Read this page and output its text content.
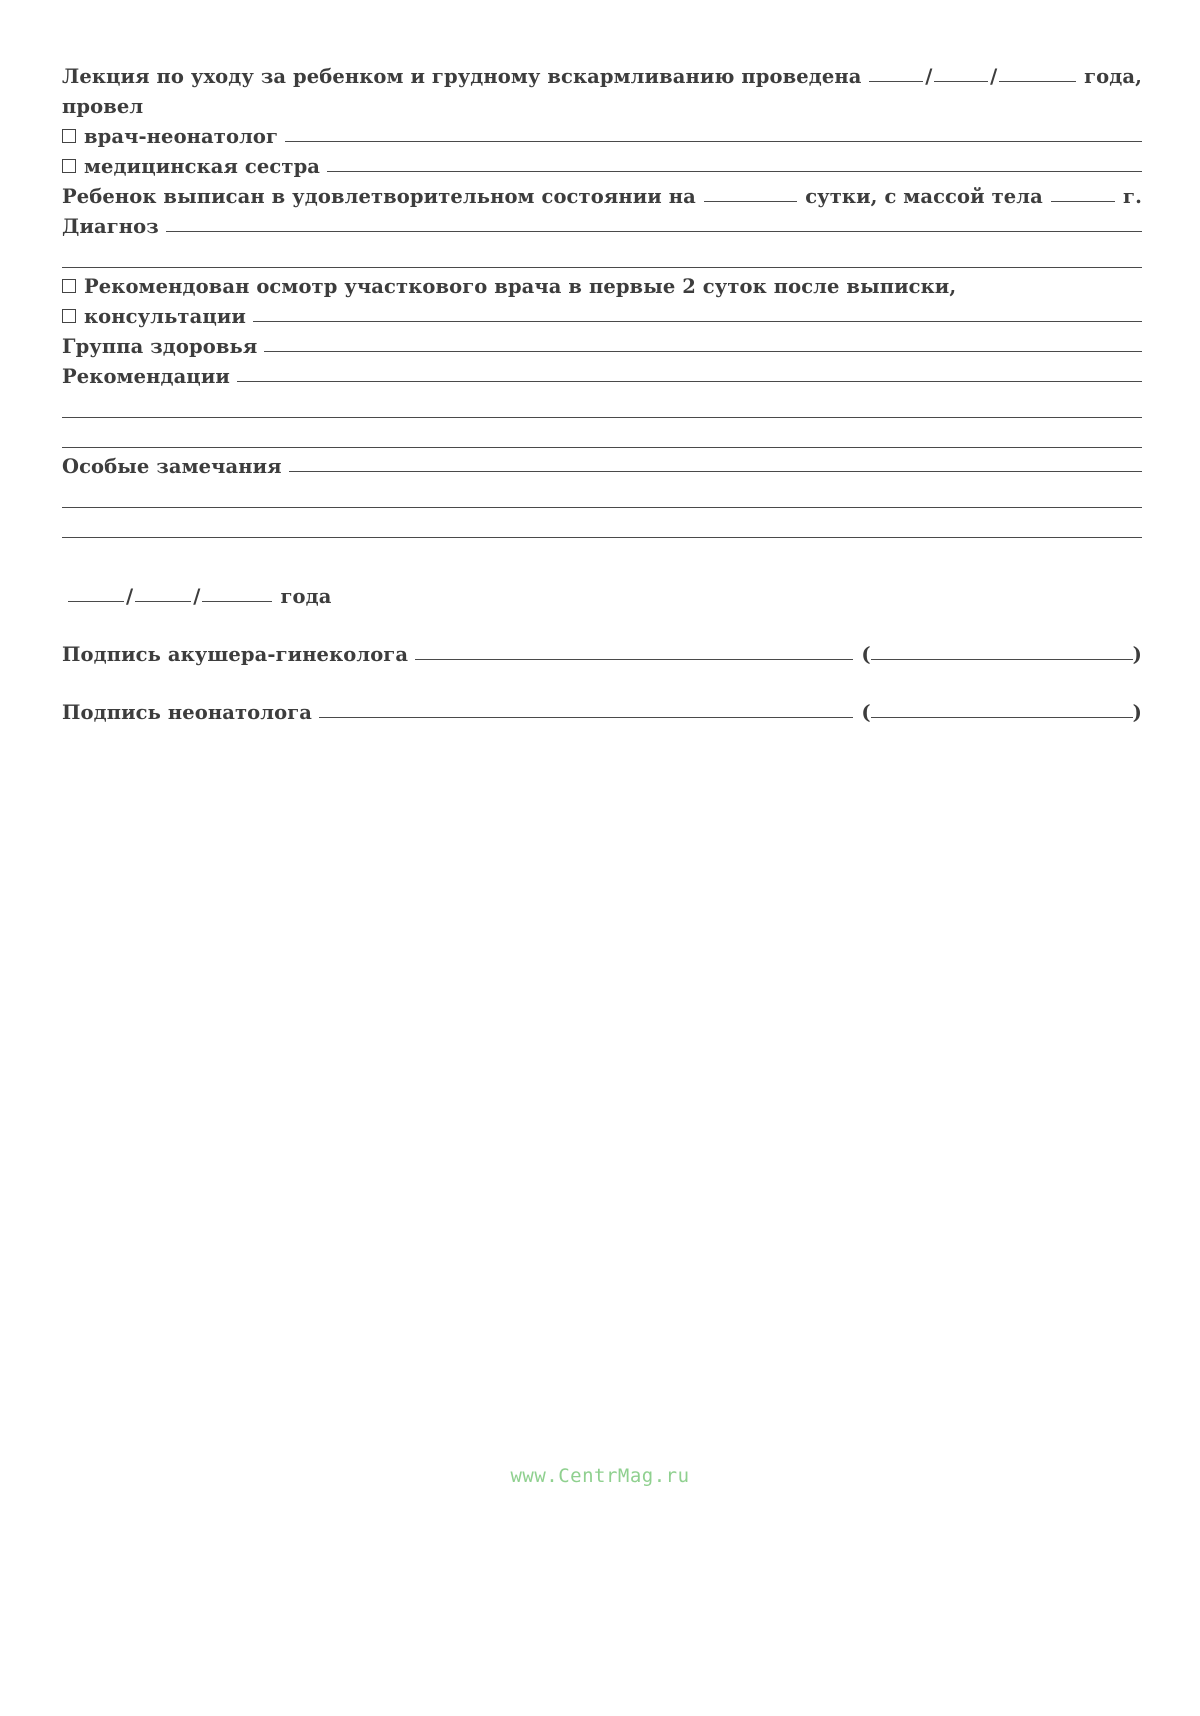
Лекция по уходу за ребенком и грудному вскармливанию проведена	/	/	года,
провел
врач-неонатолог
медицинская сестра
Ребенок выписан в удовлетворительном состоянии на	сутки, с массой тела	г.
Диагноз
Рекомендован осмотр участкового врача в первые 2 суток после выписки,
консультации
Группа здоровья
Рекомендации
Особые замечания
/	/	года
Подпись акушера-гинеколога	(	)
Подпись неонатолога	(	)
www.CentrMag.ru
